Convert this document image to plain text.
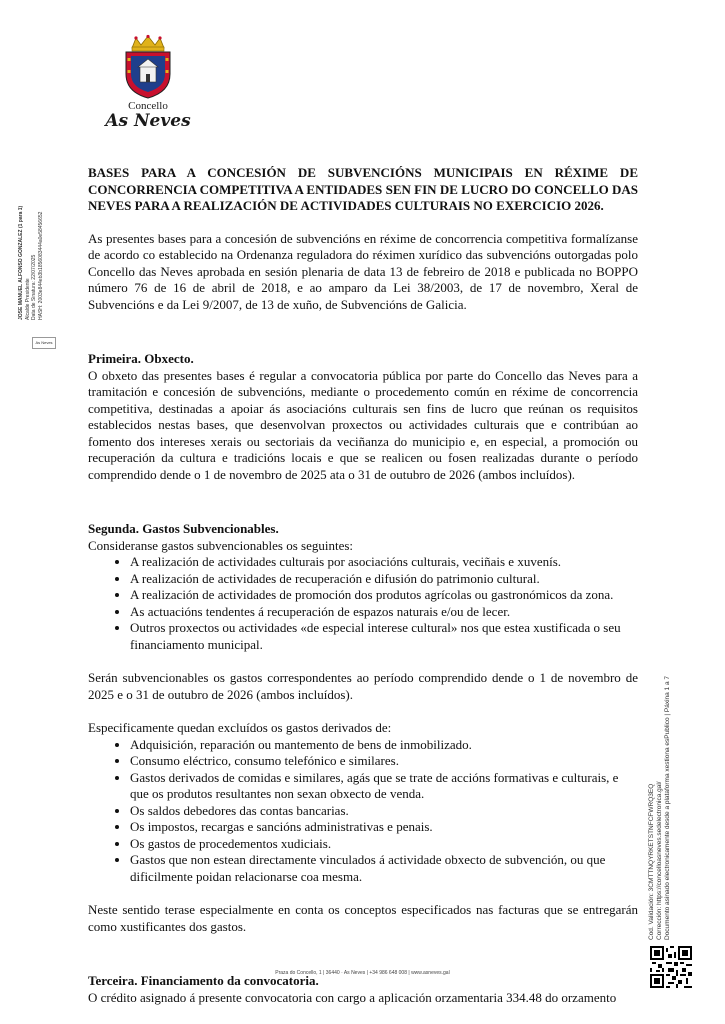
Concello
As Neves
JOSE MANUEL ALFONSO GONZALEZ (1 para 1) Alcalde Presidente Data de Sinatura: 22/07/2025 HASH: 2003e844eb3b1856083444a0e58456652
As Neves
Cod. Validación: 3CMTTNQYRKETSTNFCFWRQ3EQ Corrección: https://concelloasneves.sedelectronica.gal/ Documento asinado electronicamente desde a plataforma xestiona esPublico | Páxina 1 a 7

BASES PARA A CONCESIÓN DE SUBVENCIÓNS MUNICIPAIS EN RÉXIME DE CONCORRENCIA COMPETITIVA A ENTIDADES SEN FIN DE LUCRO DO CONCELLO DAS NEVES PARA A REALIZACIÓN DE ACTIVIDADES CULTURAIS NO EXERCICIO 2026.

As presentes bases para a concesión de subvencións en réxime de concorrencia competitiva formalízanse de acordo co establecido na Ordenanza reguladora do réximen xurídico das subvencións outorgadas polo Concello das Neves aprobada en sesión plenaria de data 13 de febreiro de 2018 e publicada no BOPPO número 76 de 16 de abril de 2018, e ao amparo da Lei 38/2003, de 17 de novembro, Xeral de Subvencións e da Lei 9/2007, de 13 de xuño, de Subvencións de Galicia.

Primeira. Obxecto.

O obxeto das presentes bases é regular a convocatoria pública por parte do Concello das Neves para a tramitación e concesión de subvencións, mediante o procedemento común en réxime de concorrencia competitiva, destinadas a apoiar ás asociacións culturais sen fins de lucro que reúnan os requisitos establecidos nestas bases, que desenvolvan proxectos ou actividades culturais que e contribúan ao fomento dos intereses xerais ou sectoriais da veciñanza do municipio e, en especial, a promoción ou recuperación da cultura e tradicións locais e que se realicen ou fosen realizadas durante o período comprendido dende o 1 de novembro de 2025 ata o 31 de outubro de 2026 (ambos incluídos).

Segunda. Gastos Subvencionables.

Consideranse gastos subvencionables os seguintes:

• A realización de actividades culturais por asociacións culturais, veciñais e xuvenís.
• A realización de actividades de recuperación e difusión do patrimonio cultural.
• A realización de actividades de promoción dos produtos agrícolas ou gastronómicos da zona.
• As actuacións tendentes á recuperación de espazos naturais e/ou de lecer.
• Outros proxectos ou actividades «de especial interese cultural» nos que estea xustificada o seu financiamento municipal.

Serán subvencionables os gastos correspondentes ao período comprendido dende o 1 de novembro de 2025 e o 31 de outubro de 2026 (ambos incluídos).

Especificamente quedan excluídos os gastos derivados de:

• Adquisición, reparación ou mantemento de bens de inmobilizado.
• Consumo eléctrico, consumo telefónico e similares.
• Gastos derivados de comidas e similares, agás que se trate de accións formativas e culturais, e que os produtos resultantes non sexan obxecto de venda.
• Os saldos debedores das contas bancarias.
• Os impostos, recargas e sancións administrativas e penais.
• Os gastos de procedementos xudiciais.
• Gastos que non estean directamente vinculados á actividade obxecto de subvención, ou que dificilmente poidan relacionarse coa mesma.

Neste sentido terase especialmente en conta os conceptos especificados nas facturas que se entregarán como xustificantes dos gastos.

Terceira. Financiamento da convocatoria.

O crédito asignado á presente convocatoria con cargo a aplicación orzamentaria 334.48 do orzamento

Praza do Concello, 1 | 36440 · As Neves | +34 986 648 008 | www.asneves.gal
